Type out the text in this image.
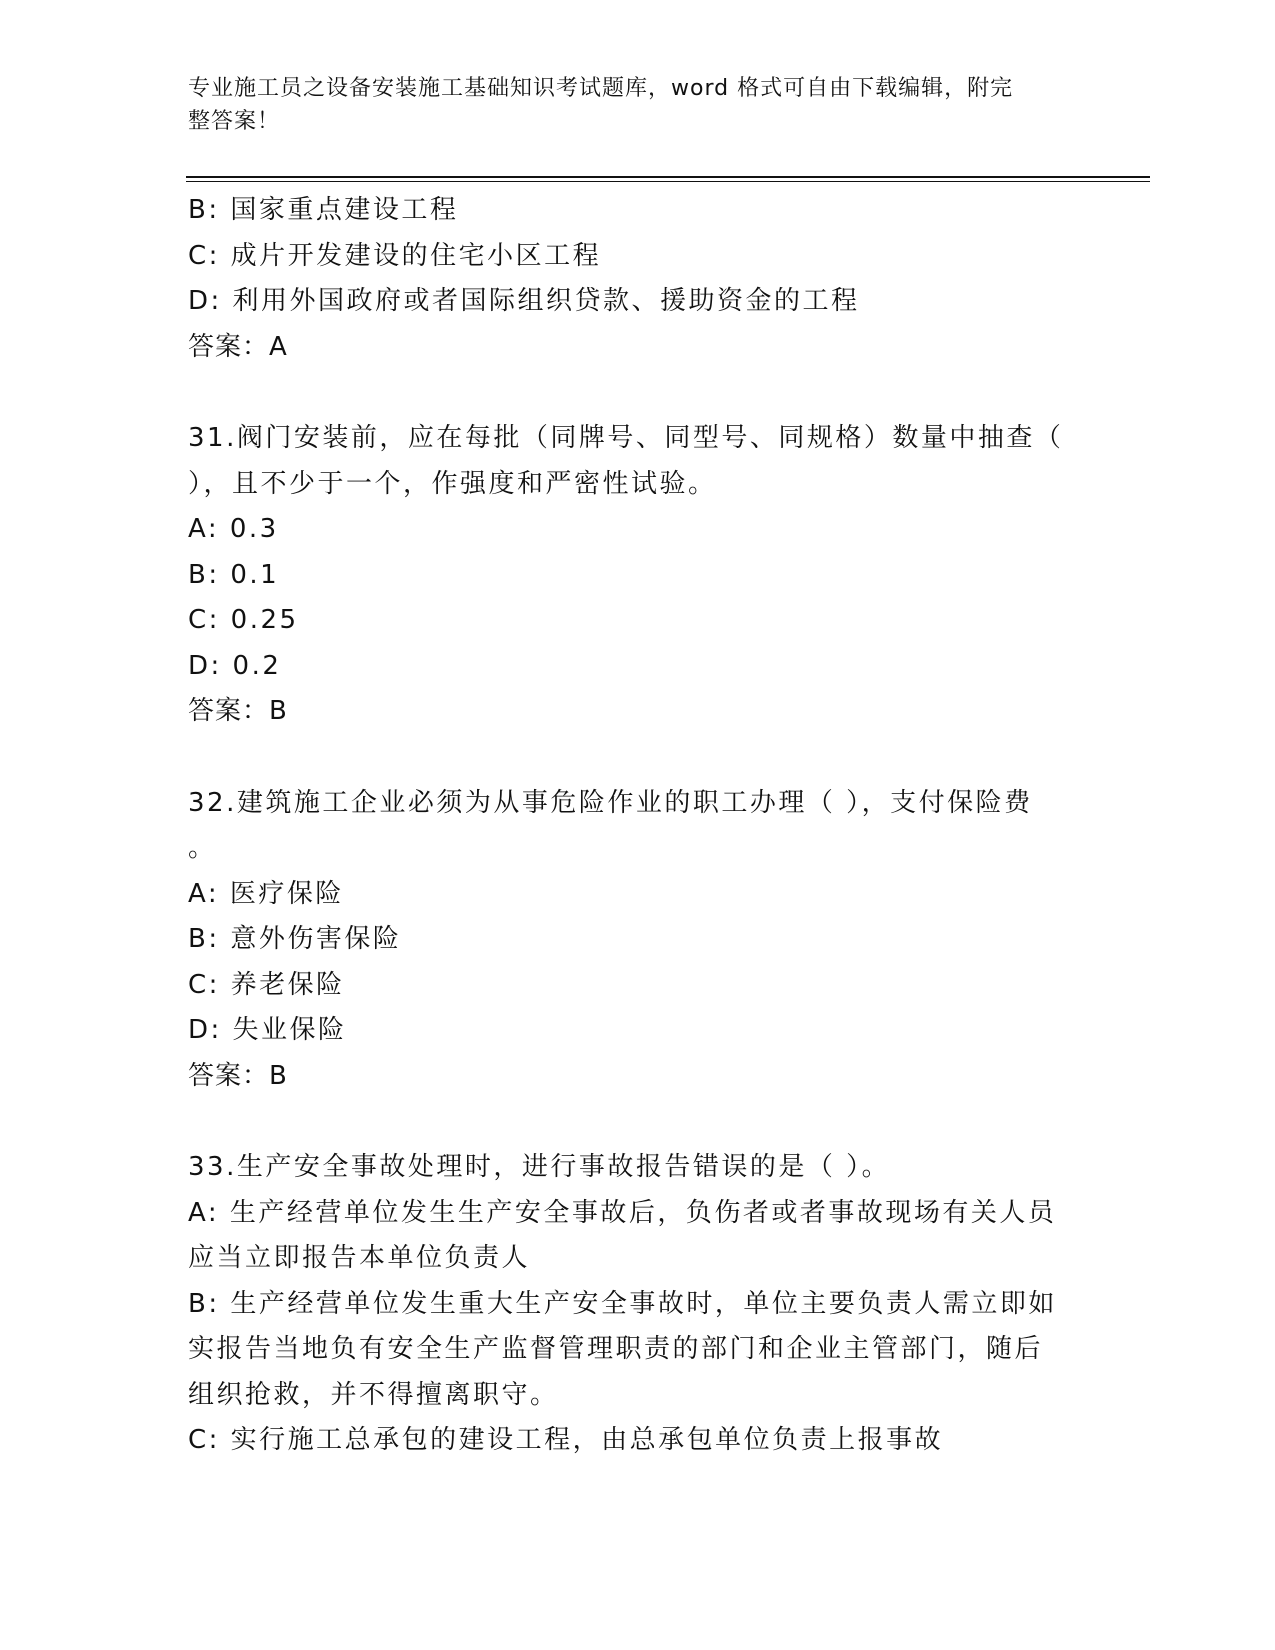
专业施工员之设备安装施工基础知识考试题库，word 格式可自由下载编辑，附完
整答案！
B: 国家重点建设工程
C: 成片开发建设的住宅小区工程
D: 利用外国政府或者国际组织贷款、援助资金的工程
答案：A
31.阀门安装前，应在每批（同牌号、同型号、同规格）数量中抽查（
），且不少于一个，作强度和严密性试验。
A: 0.3
B: 0.1
C: 0.25
D: 0.2
答案：B
32.建筑施工企业必须为从事危险作业的职工办理（ ），支付保险费
。
A: 医疗保险
B: 意外伤害保险
C: 养老保险
D: 失业保险
答案：B
33.生产安全事故处理时，进行事故报告错误的是（ ）。
A: 生产经营单位发生生产安全事故后，负伤者或者事故现场有关人员
应当立即报告本单位负责人
B: 生产经营单位发生重大生产安全事故时，单位主要负责人需立即如
实报告当地负有安全生产监督管理职责的部门和企业主管部门，随后
组织抢救，并不得擅离职守。
C: 实行施工总承包的建设工程，由总承包单位负责上报事故
